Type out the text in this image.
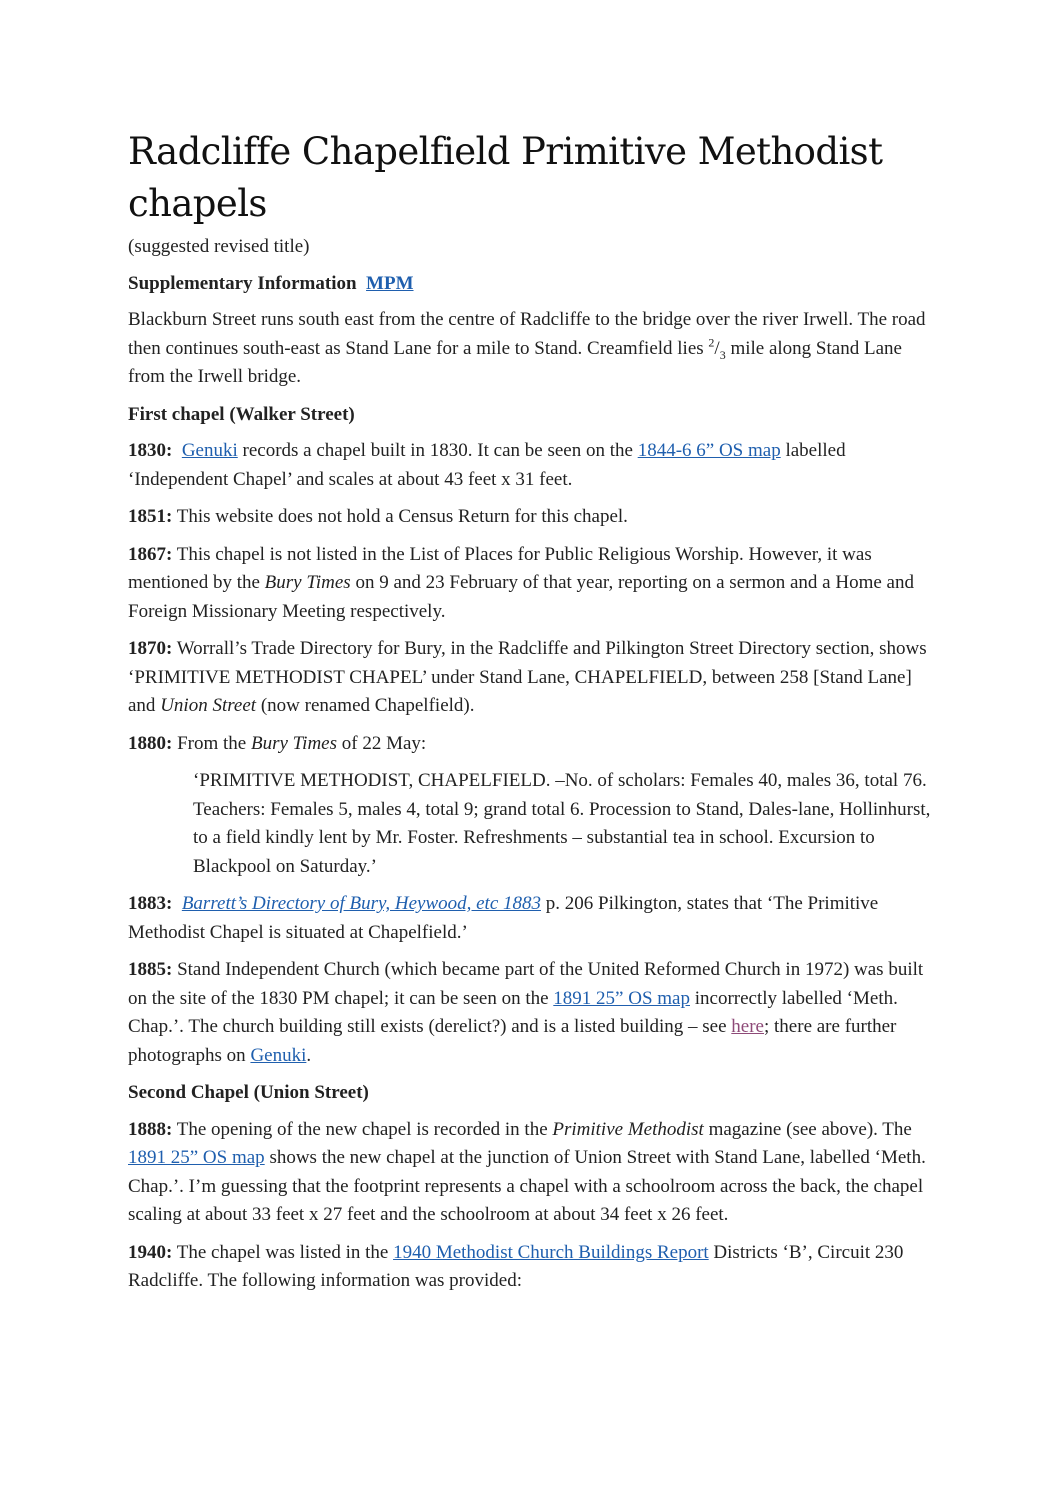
Radcliffe Chapelfield Primitive Methodist chapels

(suggested revised title)

Supplementary Information MPM

Blackburn Street runs south east from the centre of Radcliffe to the bridge over the river Irwell. The road then continues south-east as Stand Lane for a mile to Stand. Creamfield lies $^2/_3$ mile along Stand Lane from the Irwell bridge.

First chapel (Walker Street)

1830: Genuki records a chapel built in 1830. It can be seen on the 1844-6 6” OS map labelled ‘Independent Chapel’ and scales at about 43 feet x 31 feet.

1851: This website does not hold a Census Return for this chapel.

1867: This chapel is not listed in the List of Places for Public Religious Worship. However, it was mentioned by the Bury Times on 9 and 23 February of that year, reporting on a sermon and a Home and Foreign Missionary Meeting respectively.

1870: Worrall’s Trade Directory for Bury, in the Radcliffe and Pilkington Street Directory section, shows ‘PRIMITIVE METHODIST CHAPEL’ under Stand Lane, CHAPELFIELD, between 258 [Stand Lane] and Union Street (now renamed Chapelfield).

1880: From the Bury Times of 22 May:

‘PRIMITIVE METHODIST, CHAPELFIELD. –No. of scholars: Females 40, males 36, total 76. Teachers: Females 5, males 4, total 9; grand total 6. Procession to Stand, Dales-lane, Hollinhurst, to a field kindly lent by Mr. Foster. Refreshments – substantial tea in school. Excursion to Blackpool on Saturday.’

1883: Barrett’s Directory of Bury, Heywood, etc 1883 p. 206 Pilkington, states that ‘The Primitive Methodist Chapel is situated at Chapelfield.’

1885: Stand Independent Church (which became part of the United Reformed Church in 1972) was built on the site of the 1830 PM chapel; it can be seen on the 1891 25” OS map incorrectly labelled ‘Meth. Chap.’. The church building still exists (derelict?) and is a listed building – see here; there are further photographs on Genuki.

Second Chapel (Union Street)

1888: The opening of the new chapel is recorded in the Primitive Methodist magazine (see above). The 1891 25” OS map shows the new chapel at the junction of Union Street with Stand Lane, labelled ‘Meth. Chap.’. I’m guessing that the footprint represents a chapel with a schoolroom across the back, the chapel scaling at about 33 feet x 27 feet and the schoolroom at about 34 feet x 26 feet.

1940: The chapel was listed in the 1940 Methodist Church Buildings Report Districts ‘B’, Circuit 230 Radcliffe. The following information was provided:
